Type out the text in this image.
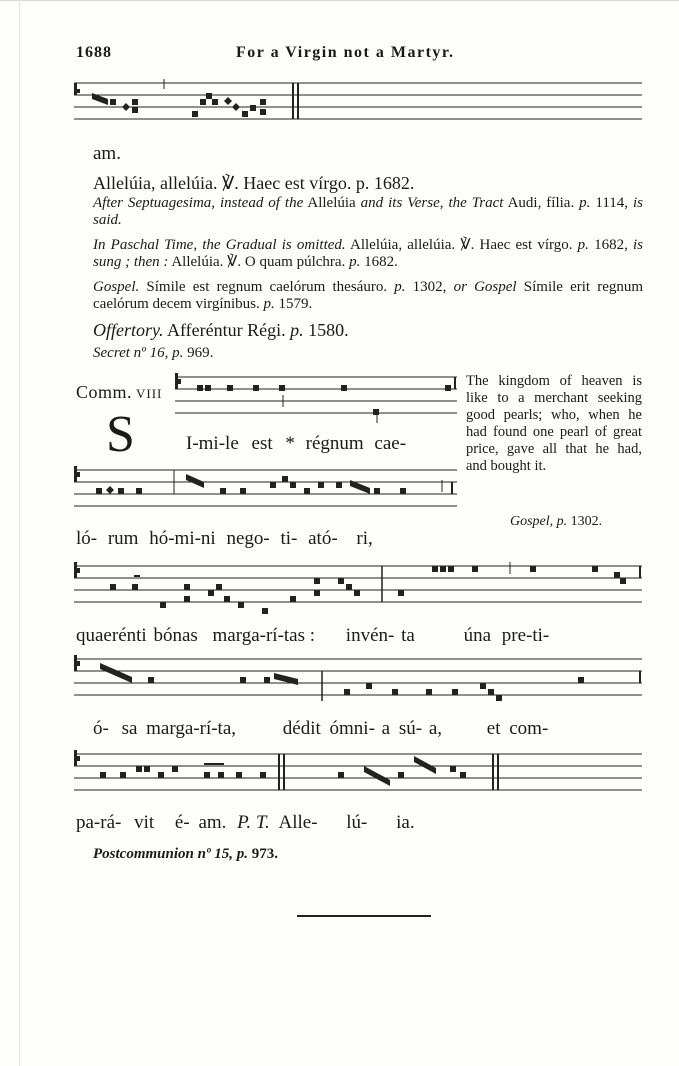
1688	For a Virgin not a Martyr.
am.
Allelúia, allelúia. ℣. Haec est vírgo. p. 1682.
After Septuagesima, instead of the Allelúia and its Verse, the Tract Audi, fília. p. 1114, is said.
In Paschal Time, the Gradual is omitted. Allelúia, allelúia. ℣. Haec est vírgo. p. 1682, is sung ; then : Allelúia. ℣. O quam púlchra. p. 1682.
Gospel. Símile est regnum caelórum thesáuro. p. 1302, or Gospel Símile erit regnum caelórum decem virgínibus. p. 1579.
Offertory. Afferéntur Régi. p. 1580.
Secret nº 16, p. 969.
Comm. VIII
S	I-mi-le est * régnum cae-
The kingdom of heaven is like to a merchant seeking good pearls; who, when he had found one pearl of great price, gave all that he had, and bought it.
Gospel, p. 1302.
ló- rum hó-mi-ni nego- ti- ató- ri,
quaerénti bónas marga-rí-tas : invén- ta	úna pre-ti-
ó- sa marga-rí-ta, dédit ómni- a sú- a, et com-
pa-rá- vit é- am. P. T. Alle- lú- ia.
Postcommunion nº 15, p. 973.
